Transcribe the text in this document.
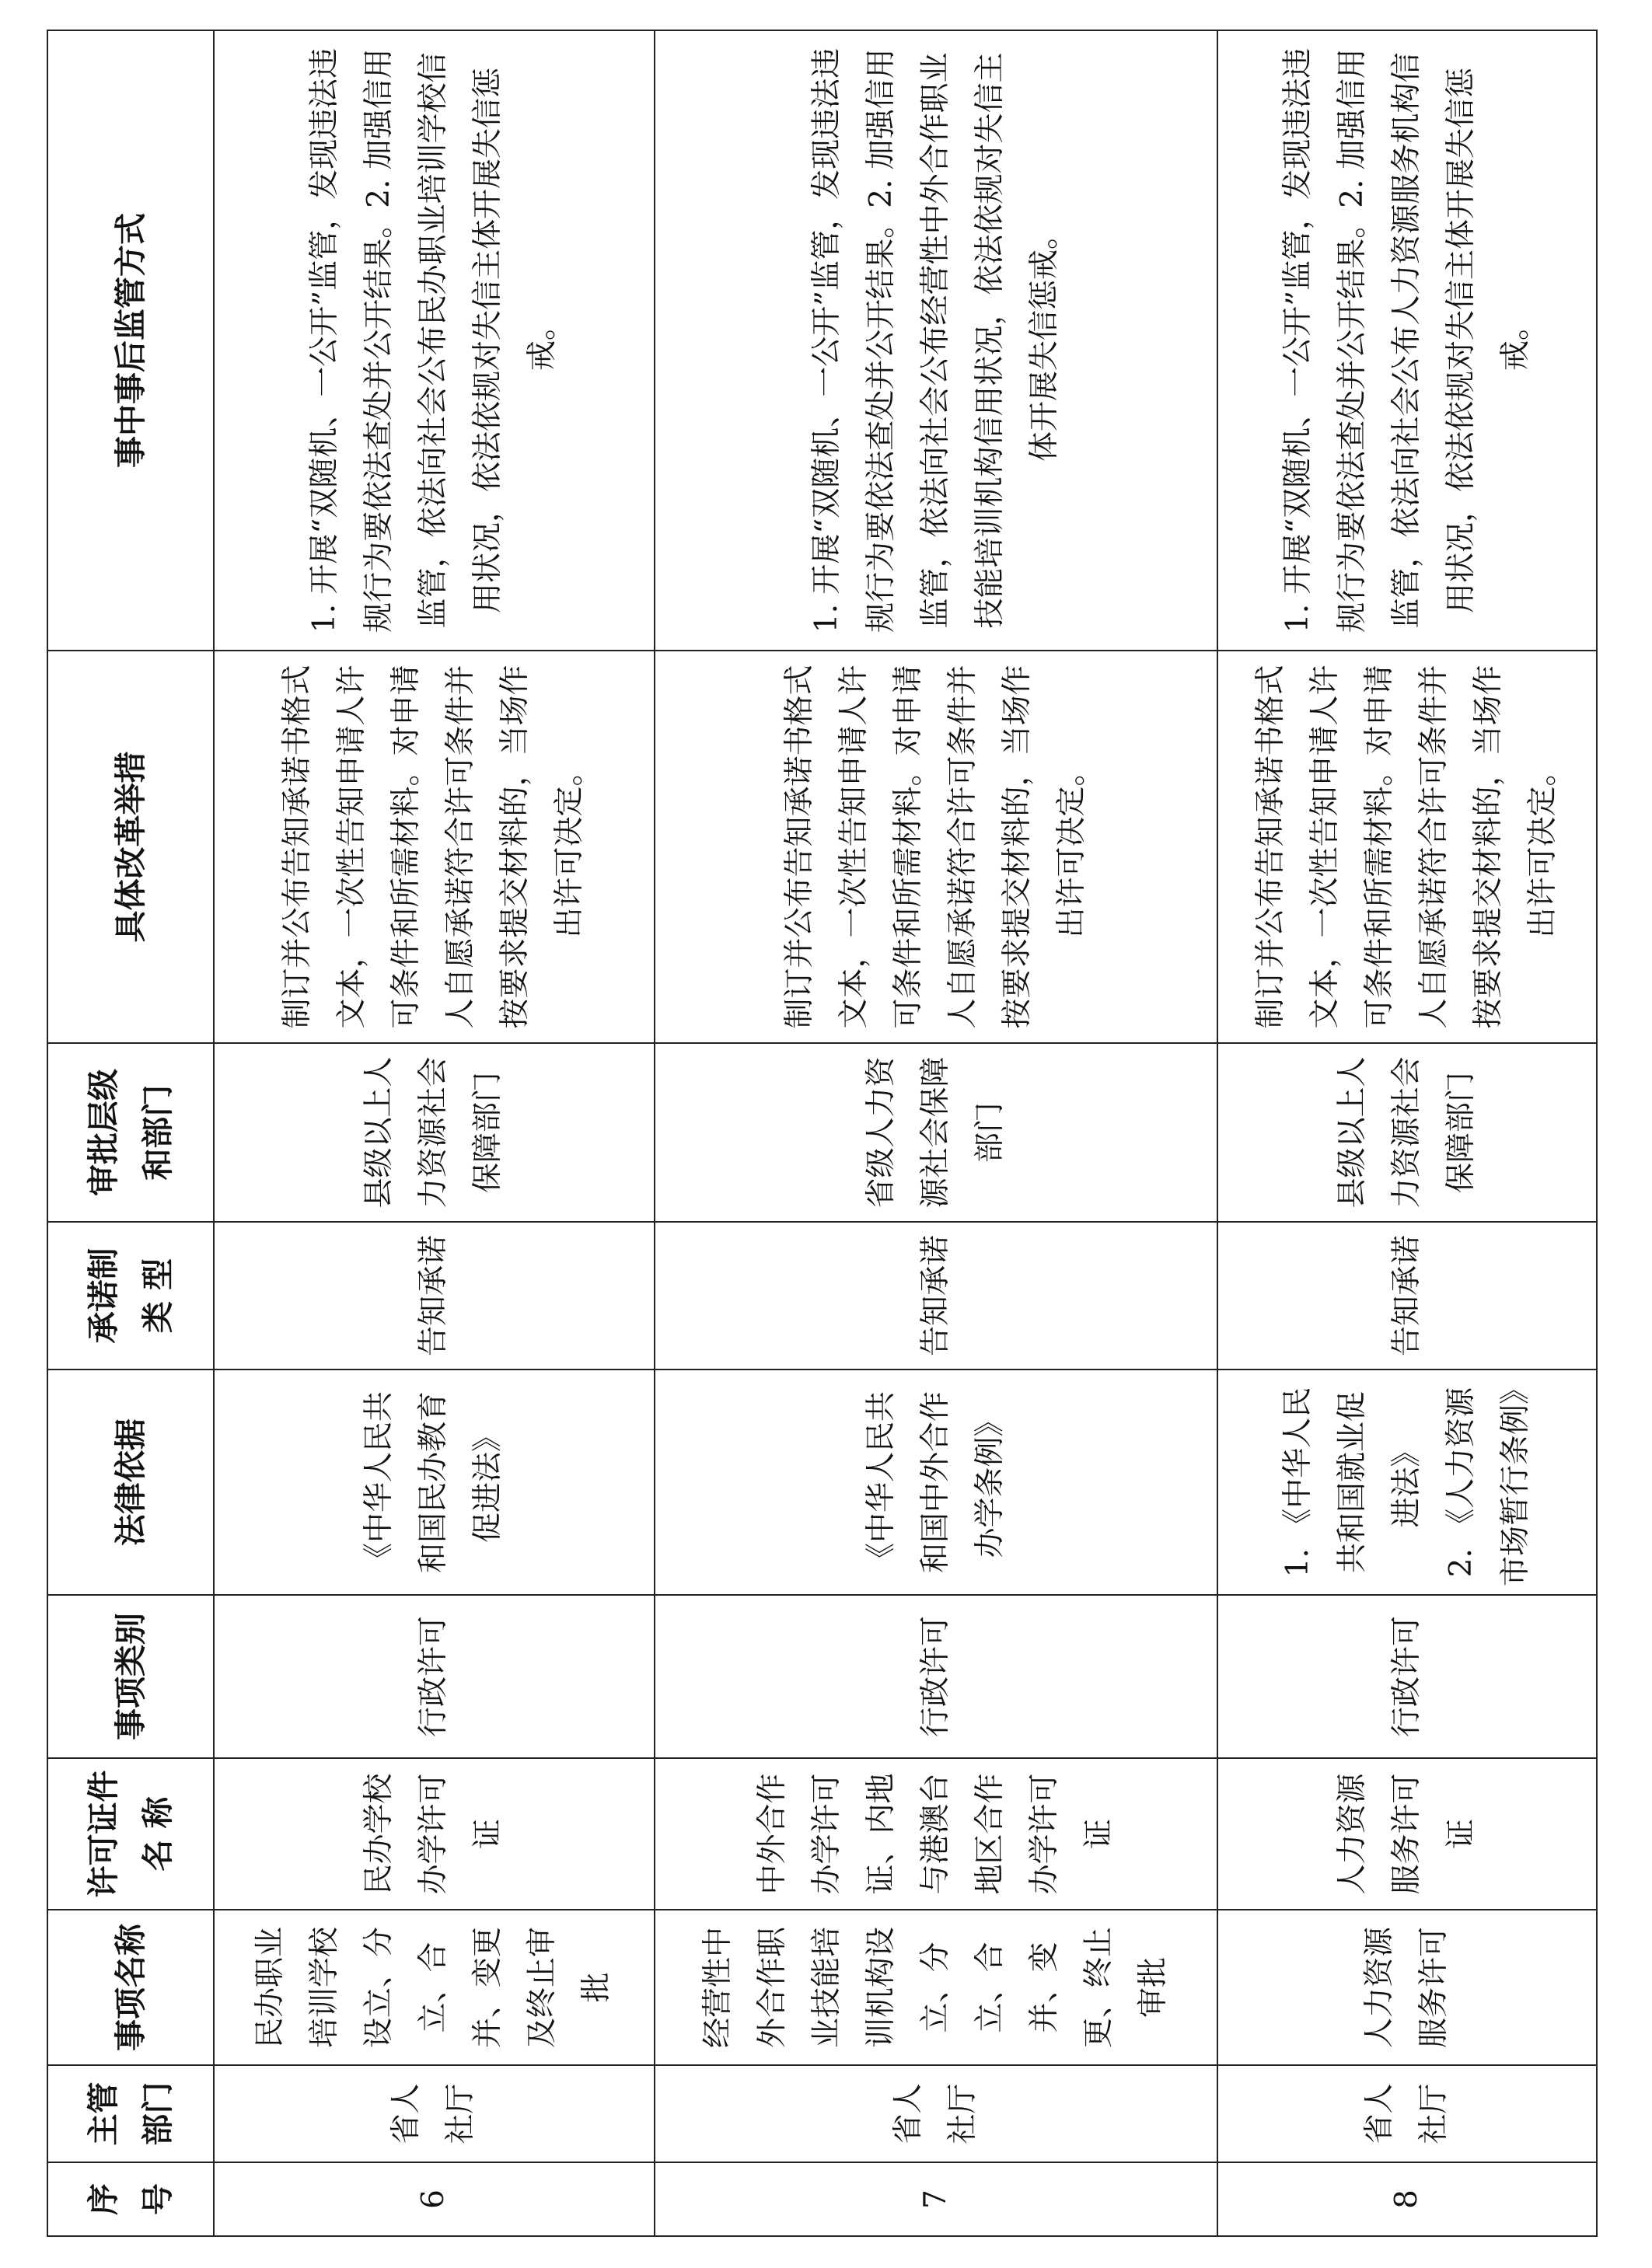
序 号	主管 部门	事项名称	许可证件 名 称	事项类别	法律依据	承诺制 类 型	审批层级 和部门	具体改革举措	事中事后监管方式
6	省人社厅	民办职业培训学校设立、分立、合并、变更及终止审批	民办学校办学许可证	行政许可	《中华人民共和国民办教育促进法》	告知承诺	县级以上人力资源社会保障部门	制订并公布告知承诺书格式文本，一次性告知申请人许可条件和所需材料。对申请人自愿承诺符合许可条件并按要求提交材料的，当场作出许可决定。	1. 开展“双随机、一公开”监管，发现违法违规行为要依法查处并公开结果。2. 加强信用监管，依法向社会公布民办职业培训学校信用状况，依法依规对失信主体开展失信惩戒。
7	省人社厅	经营性中外合作职业技能培训机构设立、分立、合并、变更、终止审批	中外合作办学许可证、内地与港澳台地区合作办学许可证	行政许可	《中华人民共和国中外合作办学条例》	告知承诺	省级人力资源社会保障部门	制订并公布告知承诺书格式文本，一次性告知申请人许可条件和所需材料。对申请人自愿承诺符合许可条件并按要求提交材料的，当场作出许可决定。	1. 开展“双随机、一公开”监管，发现违法违规行为要依法查处并公开结果。2. 加强信用监管，依法向社会公布经营性中外合作职业技能培训机构信用状况，依法依规对失信主体开展失信惩戒。
8	省人社厅	人力资源服务许可	人力资源服务许可证	行政许可	1. 《中华人民共和国就业促进法》 2. 《人力资源市场暂行条例》	告知承诺	县级以上人力资源社会保障部门	制订并公布告知承诺书格式文本，一次性告知申请人许可条件和所需材料。对申请人自愿承诺符合许可条件并按要求提交材料的，当场作出许可决定。	1. 开展“双随机、一公开”监管，发现违法违规行为要依法查处并公开结果。2. 加强信用监管，依法向社会公布人力资源服务机构信用状况，依法依规对失信主体开展失信惩戒。
